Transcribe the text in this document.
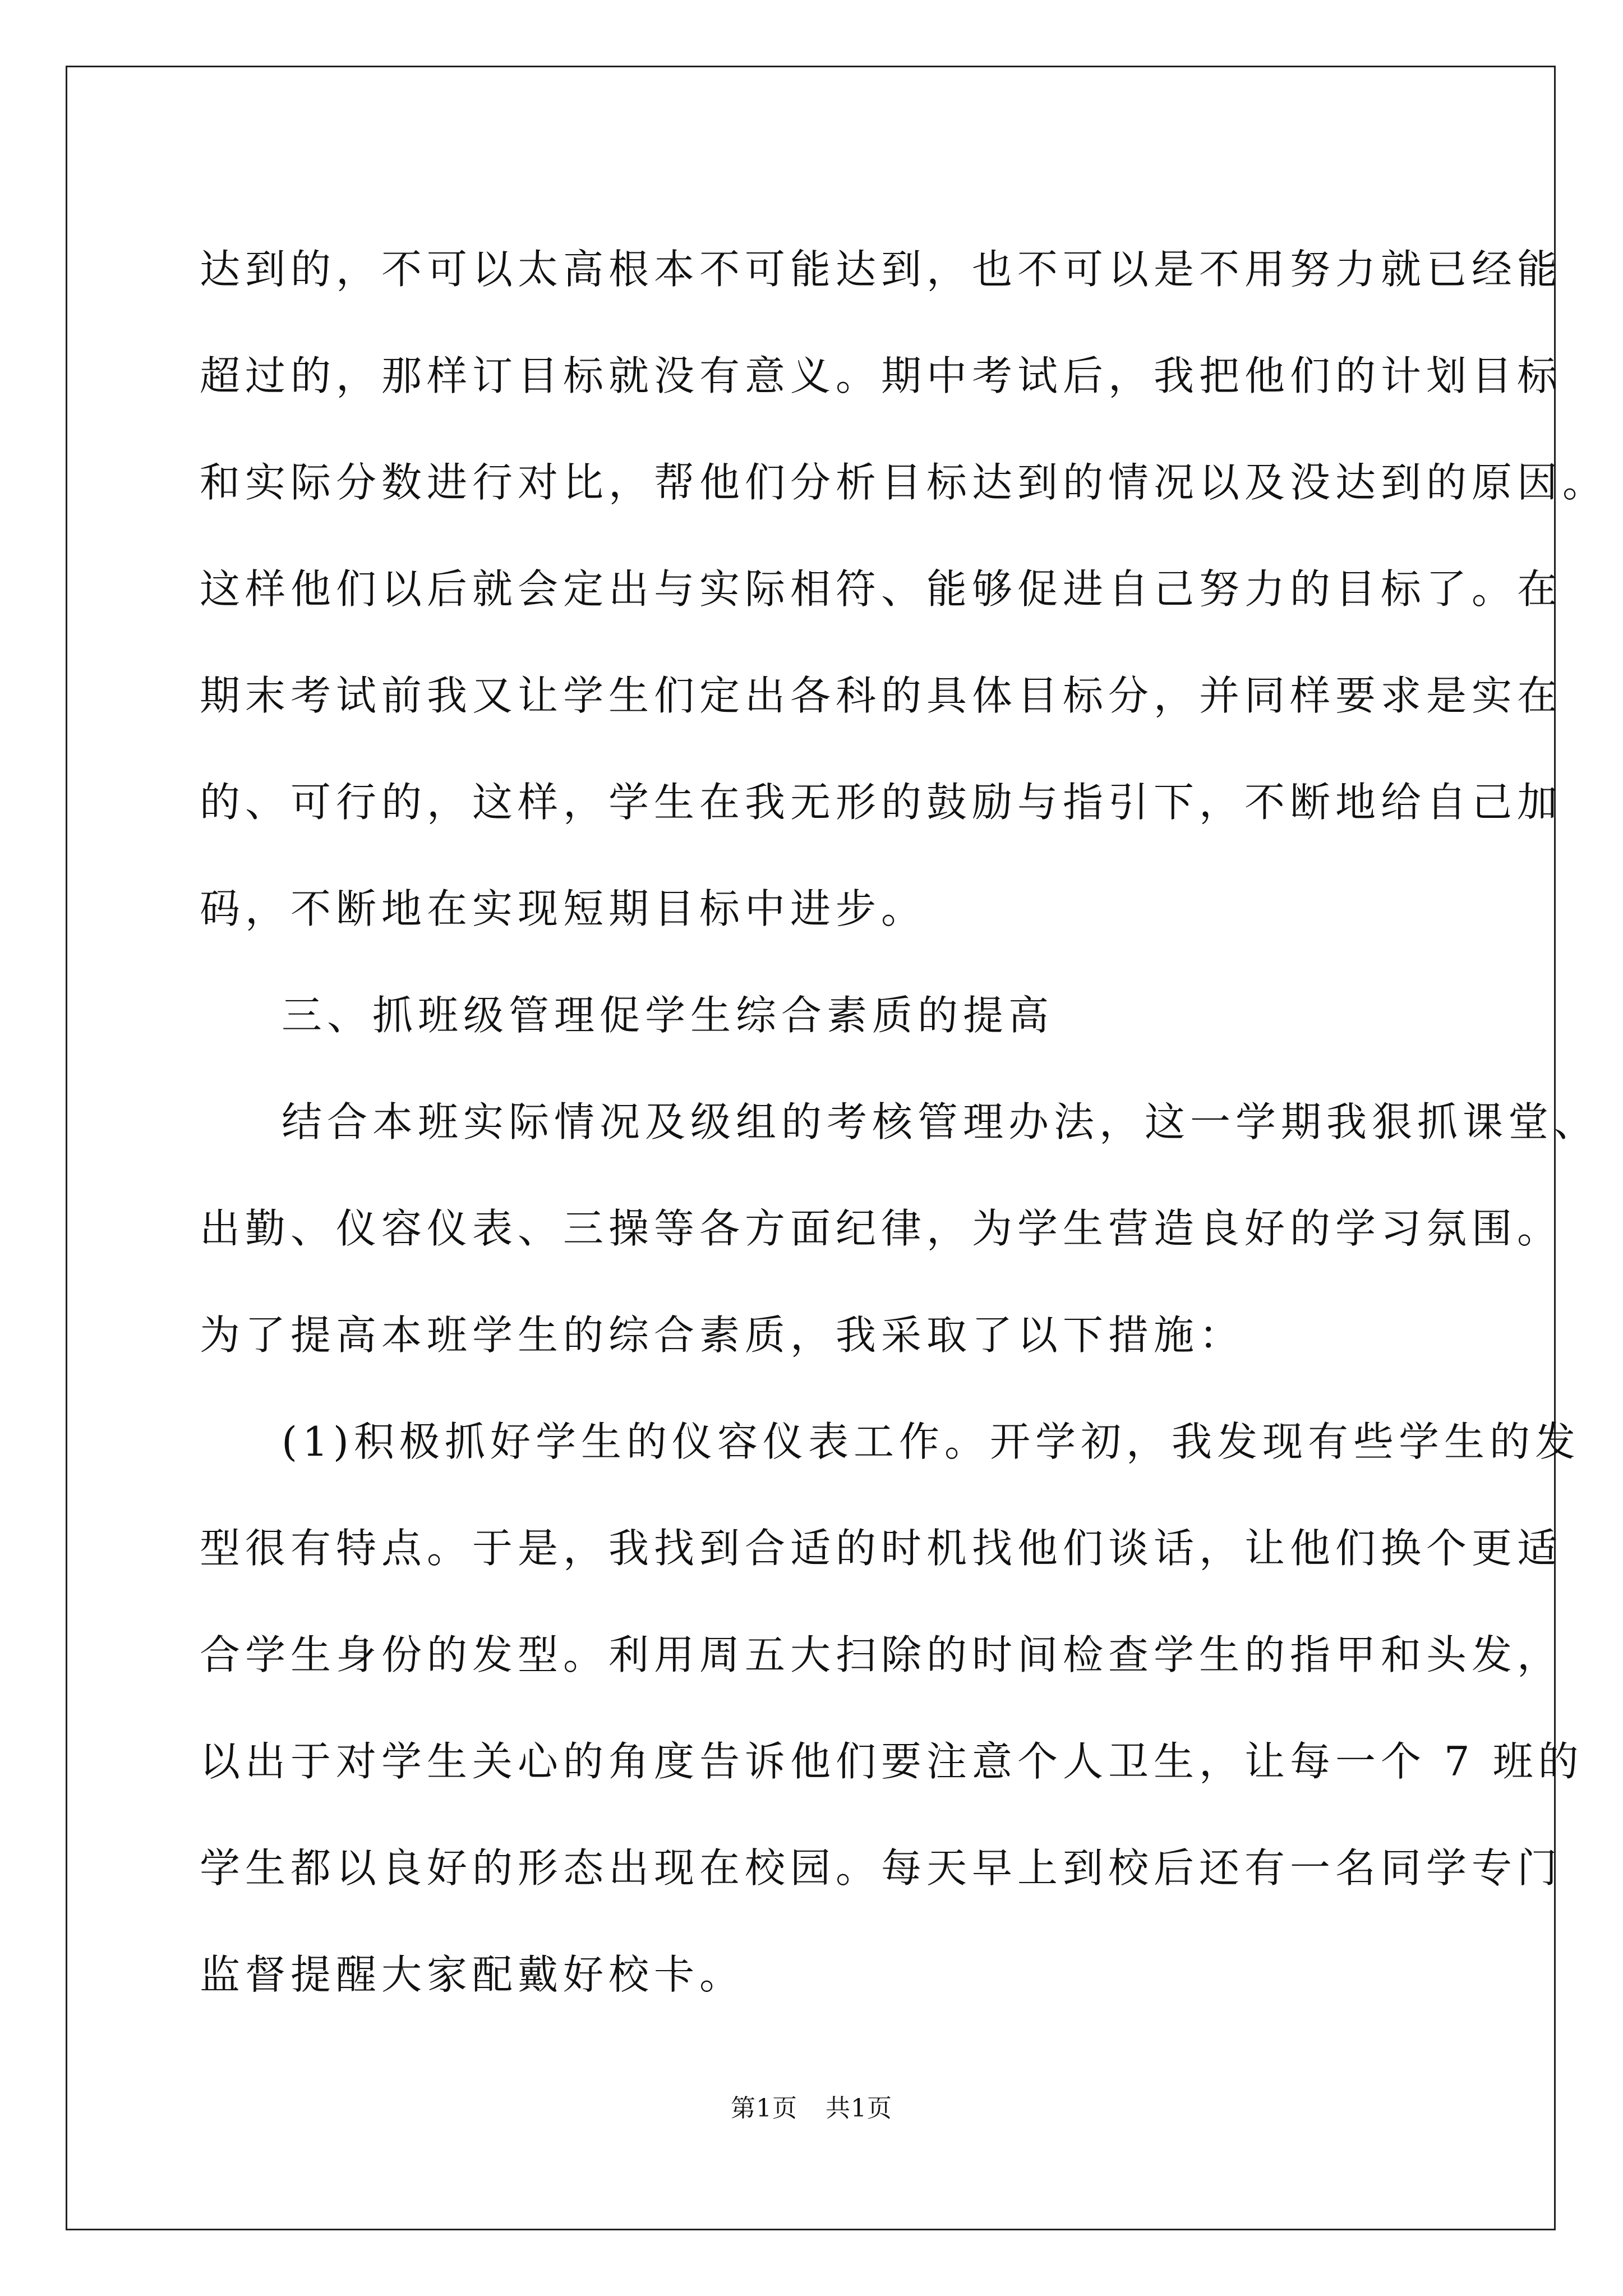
达到的，不可以太高根本不可能达到，也不可以是不用努力就已经能
超过的，那样订目标就没有意义。期中考试后，我把他们的计划目标
和实际分数进行对比，帮他们分析目标达到的情况以及没达到的原因。
这样他们以后就会定出与实际相符、能够促进自己努力的目标了。在
期末考试前我又让学生们定出各科的具体目标分，并同样要求是实在
的、可行的，这样，学生在我无形的鼓励与指引下，不断地给自己加
码，不断地在实现短期目标中进步。
三、抓班级管理促学生综合素质的提高
结合本班实际情况及级组的考核管理办法，这一学期我狠抓课堂、
出勤、仪容仪表、三操等各方面纪律，为学生营造良好的学习氛围。
为了提高本班学生的综合素质，我采取了以下措施：
(1)积极抓好学生的仪容仪表工作。开学初，我发现有些学生的发
型很有特点。于是，我找到合适的时机找他们谈话，让他们换个更适
合学生身份的发型。利用周五大扫除的时间检查学生的指甲和头发，
以出于对学生关心的角度告诉他们要注意个人卫生，让每一个 7 班的
学生都以良好的形态出现在校园。每天早上到校后还有一名同学专门
监督提醒大家配戴好校卡。
第1页 共1页
